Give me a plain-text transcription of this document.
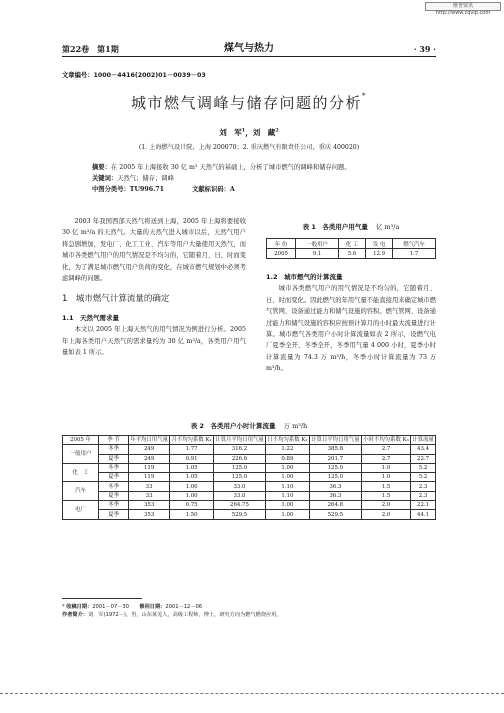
维普资讯 http://www.cqvip.com
第22卷　第1期	煤气与热力	· 39 ·
文章编号：1000－4416(2002)01－0039－03
城市燃气调峰与储存问题的分析*
刘　军$^1$，刘　藏$^2$
(1. 上海燃气设计院，上海 200070；2. 重庆燃气有限责任公司，重庆 400020)
摘要：在 2005 年上海接收 30 亿 m³ 天然气的基础上，分析了城市燃气的调峰和储存问题。
关键词：天然气；储存；调峰
中图分类号：TU996.71	文献标识码：A

2003 年我国西部天然气将送到上海，2005 年上海将要接收 30 亿 m³/a 的天然气。大量的天然气进入城市以后，天然气用户将急剧增加，发电厂、化工工业、汽车等用户大量使用天然气，而城市各类燃气用户的用气情况是不均匀的，它随着月、日、时而变化，为了满足城市燃气用户负荷的变化，在城市燃气规划中必须考虑调峰的问题。

1　城市燃气计算流量的确定
1.1　天然气需求量

本文以 2005 年上海天然气的用气情况为例进行分析。2005 年上海各类用户天然气的需求量约为 30 亿 m³/a，各类用户用气量如表 1 所示。

表 1　各类用户用气量 亿 m³/a
年 份	一般用户	化 工	发 电	燃气汽车
2005	9.1	5.6	12.9	1.7
1.2　城市燃气的计算流量

城市各类燃气用户的用气情况是不均匀的，它随着月、日、时而变化。因此燃气的年用气量不能直接用来确定城市燃气管网、设备通过能力和储气设施的容积。燃气管网、设备通过能力和储气设施的容积应按预计算月的小时最大流量进行计算。城市燃气各类用户小时计算流量如表 2 所示，设燃气电厂夏季全开、冬季全开，冬季用气量 4 000 小时，夏季小时计算流量为 74.3 万 m³/h，冬季小时计算流量为 73 万 m³/h。

表 2　各类用户小时计算流量 万 m³/h
2005 年	季 节	年平均日用气量	月不均匀系数 K₁	计算月平均日用气量	日不均匀系数 K₂	计算日平均日用气量	小时不均匀系数 K₃	计算流量
一般用户	冬季	249	1.77	316.2	1.22	385.8	2.7	43.4
	夏季	249	0.91	226.6	0.89	201.7	2.7	22.7
化　工	冬季	119	1.05	125.0	1.00	125.0	1.0	5.2
	夏季	119	1.05	125.0	1.00	125.0	1.0	5.2
汽车	冬季	33	1.00	33.0	1.10	36.3	1.5	2.3
	夏季	33	1.00	33.0	1.10	36.3	1.5	2.3
电厂	冬季	353	0.75	264.75	1.00	264.8	2.0	22.1
	夏季	353	1.50	529.5	1.00	529.5	2.0	44.1
* 收稿日期：2001－07－30　　 修回日期：2001－12－06
作者简介：刘　军(1972－)，男，山东莱芜人，高级工程师，博士，研究方向为燃气燃烧应用。
